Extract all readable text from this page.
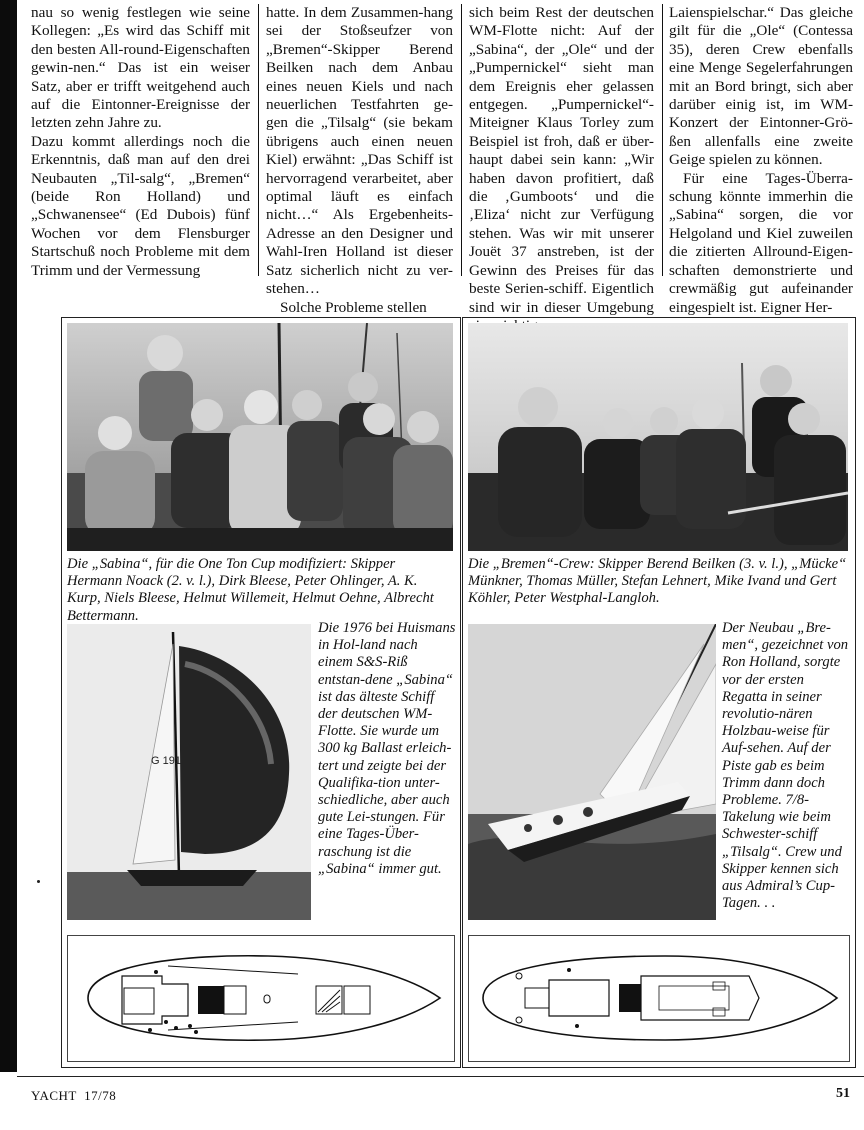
nau so wenig festlegen wie seine Kollegen: „Es wird das Schiff mit den besten All-round-Eigenschaften gewin-nen.“ Das ist ein weiser Satz, aber er trifft weitgehend auch auf die Eintonner-Ereignisse der letzten zehn Jahre zu.

Dazu kommt allerdings noch die Erkenntnis, daß man auf den drei Neubauten „Til-salg“, „Bremen“ (beide Ron Holland) und „Schwanensee“ (Ed Dubois) fünf Wochen vor dem Flensburger Startschuß noch Probleme mit dem Trimm und der Vermessung

hatte. In dem Zusammen-hang sei der Stoßseufzer von „Bremen“-Skipper Berend Beilken nach dem Anbau eines neuen Kiels und nach neuerlichen Testfahrten ge-gen die „Tilsalg“ (sie bekam übrigens auch einen neuen Kiel) erwähnt: „Das Schiff ist hervorragend verarbeitet, aber optimal läuft es einfach nicht…“ Als Ergebenheits-Adresse an den Designer und Wahl-Iren Holland ist dieser Satz sicherlich nicht zu ver-stehen…

Solche Probleme stellen

sich beim Rest der deutschen WM-Flotte nicht: Auf der „Sabina“, der „Ole“ und der „Pumpernickel“ sieht man dem Ereignis eher gelassen entgegen. „Pumpernickel“-Miteigner Klaus Torley zum Beispiel ist froh, daß er über-haupt dabei sein kann: „Wir haben davon profitiert, daß die ‚Gumboots‘ und die ‚Eliza‘ nicht zur Verfügung stehen. Was wir mit unserer Jouët 37 anstreben, ist der Gewinn des Preises für das beste Serien-schiff. Eigentlich sind wir in dieser Umgebung

Laienspielschar.“ Das gleiche gilt für die „Ole“ (Contessa 35), deren Crew ebenfalls eine Menge Segelerfahrungen mit an Bord bringt, sich aber darüber einig ist, im WM-Konzert der Eintonner-Grö-ßen allenfalls eine zweite Geige spielen zu können.

Für eine Tages-Überra-schung könnte immerhin die „Sabina“ sorgen, die vor Helgoland und Kiel zuweilen die zitierten Allround-Eigen-schaften demonstrierte und crewmäßig gut aufeinander eingespielt ist. Eigner Her-

Die „Sabina“, für die One Ton Cup modifiziert: Skipper Hermann Noack (2. v. l.), Dirk Bleese, Peter Ohlinger, A. K. Kurp, Niels Bleese, Helmut Willemeit, Helmut Oehne, Albrecht Bettermann.
Die „Bremen“-Crew: Skipper Berend Beilken (3. v. l.), „Mücke“ Münkner, Thomas Müller, Stefan Lehnert, Mike Ivand und Gert Köhler, Peter Westphal-Langloh.
G 191
Die 1976 bei Huismans in Hol-land nach einem S&S-Riß entstan-dene „Sabina“ ist das älteste Schiff der deutschen WM-Flotte. Sie wurde um 300 kg Ballast erleich-tert und zeigte bei der Qualifika-tion unter-schiedliche, aber auch gute Lei-stungen. Für eine Tages-Über-raschung ist die „Sabina“ immer gut.
Der Neubau „Bre-men“, gezeichnet von Ron Holland, sorgte vor der ersten Regatta in seiner revolutio-nären Holzbau-weise für Auf-sehen. Auf der Piste gab es beim Trimm dann doch Probleme. 7/8-Takelung wie beim Schwester-schiff „Tilsalg“. Crew und Skipper kennen sich aus Admiral’s Cup-Tagen. . .
YACHT  17/78	51
